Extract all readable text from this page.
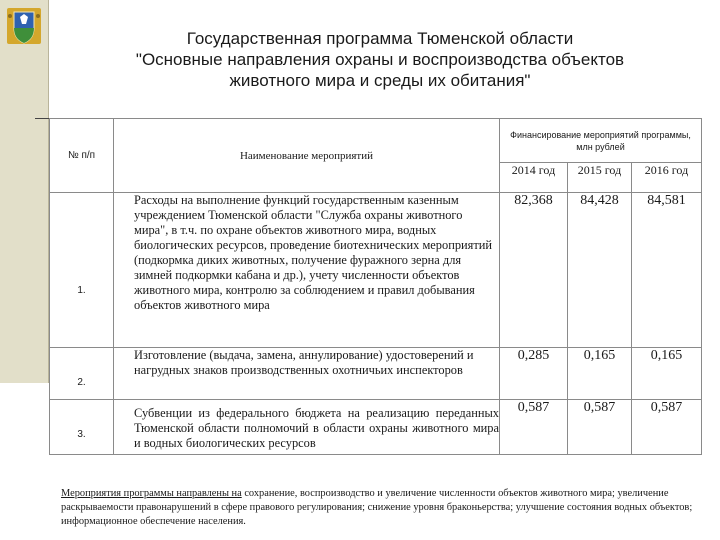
Государственная программа Тюменской области
"Основные направления охраны и воспроизводства объектов
животного мира и среды их обитания"
№ п/п	Наименование мероприятий	Финансирование мероприятий программы, млн рублей		
		2014 год	2015 год	2016 год
1.	Расходы на выполнение функций государственным казенным учреждением Тюменской области "Служба охраны животного мира", в т.ч. по охране объектов животного мира, водных биологических ресурсов, проведение биотехнических мероприятий (подкормка диких животных, получение фуражного зерна для зимней подкормки кабана и др.), учету численности объектов животного мира, контролю за соблюдением и правил добывания объектов животного мира	82,368	84,428	84,581
2.	Изготовление (выдача, замена, аннулирование) удостоверений и нагрудных знаков производственных охотничьих инспекторов	0,285	0,165	0,165
3.	Субвенции из федерального бюджета на реализацию переданных Тюменской области полномочий в области охраны животного мира и водных биологических ресурсов	0,587	0,587	0,587
Мероприятия программы направлены на сохранение, воспроизводство и увеличение численности объектов животного мира; увеличение раскрываемости правонарушений в сфере правового регулирования; снижение уровня браконьерства; улучшение состояния водных объектов; информационное обеспечение населения.
